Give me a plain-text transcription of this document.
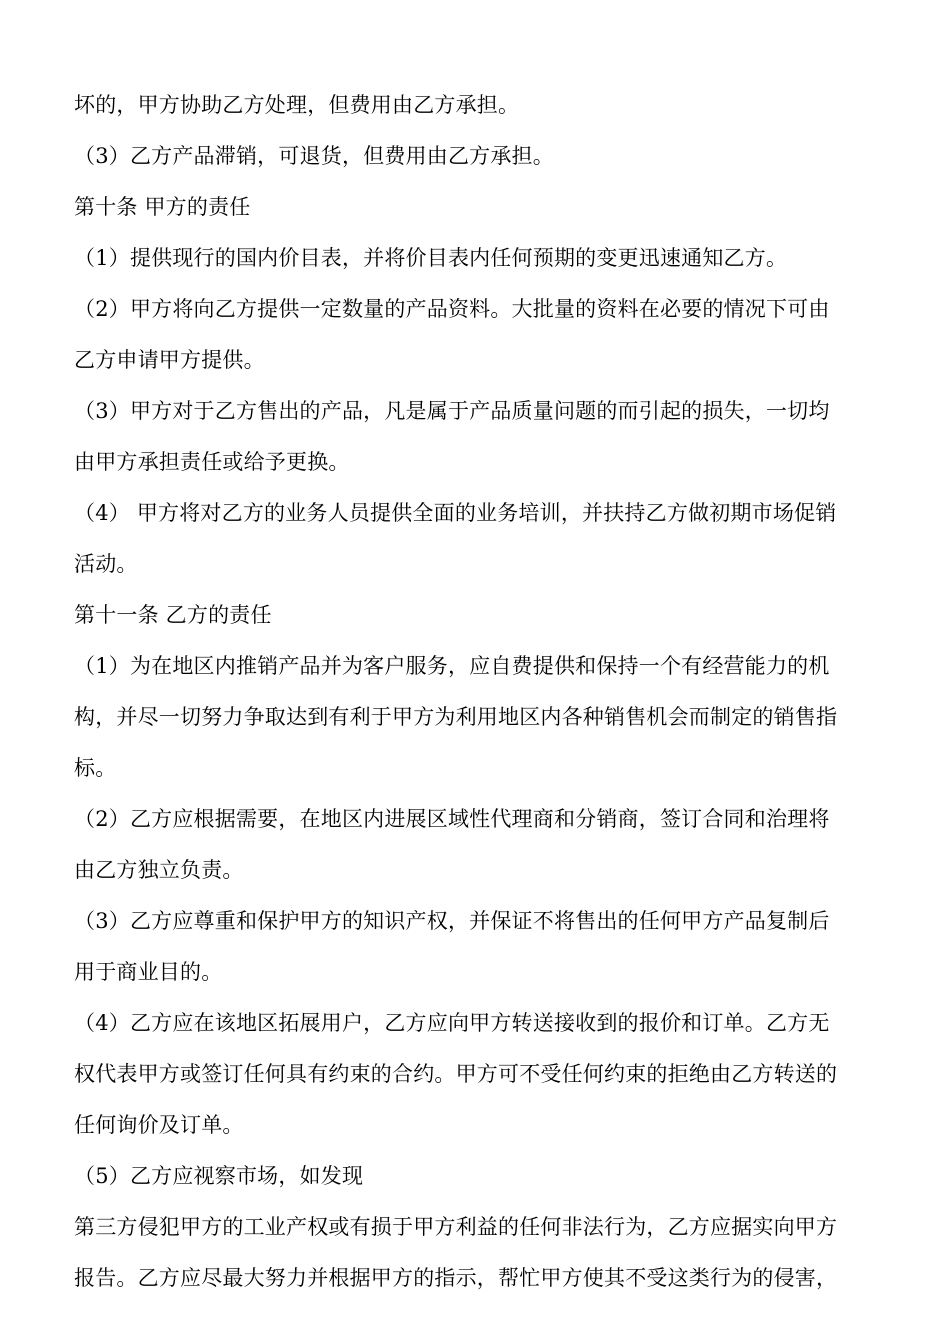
坏的，甲方协助乙方处理，但费用由乙方承担。
（3）乙方产品滞销，可退货，但费用由乙方承担。
第十条 甲方的责任
（1）提供现行的国内价目表，并将价目表内任何预期的变更迅速通知乙方。
（2）甲方将向乙方提供一定数量的产品资料。大批量的资料在必要的情况下可由
乙方申请甲方提供。
（3）甲方对于乙方售出的产品，凡是属于产品质量问题的而引起的损失，一切均
由甲方承担责任或给予更换。
（4） 甲方将对乙方的业务人员提供全面的业务培训，并扶持乙方做初期市场促销
活动。
第十一条 乙方的责任
（1）为在地区内推销产品并为客户服务，应自费提供和保持一个有经营能力的机
构，并尽一切努力争取达到有利于甲方为利用地区内各种销售机会而制定的销售指
标。
（2）乙方应根据需要，在地区内进展区域性代理商和分销商，签订合同和治理将
由乙方独立负责。
（3）乙方应尊重和保护甲方的知识产权，并保证不将售出的任何甲方产品复制后
用于商业目的。
（4）乙方应在该地区拓展用户，乙方应向甲方转送接收到的报价和订单。乙方无
权代表甲方或签订任何具有约束的合约。甲方可不受任何约束的拒绝由乙方转送的
任何询价及订单。
（5）乙方应视察市场，如发现
第三方侵犯甲方的工业产权或有损于甲方利益的任何非法行为，乙方应据实向甲方
报告。乙方应尽最大努力并根据甲方的指示，帮忙甲方使其不受这类行为的侵害，
